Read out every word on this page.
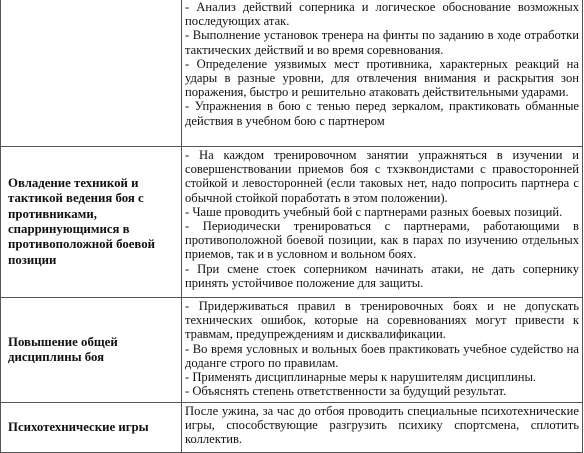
	- Анализ действий соперника и логическое обоснование возможных последующих атак.
- Выполнение установок тренера на финты по заданию в ходе отработки тактических действий и во время соревнования.
- Определение уязвимых мест противника, характерных реакций на удары в разные уровни, для отвлечения внимания и раскрытия зон поражения, быстро и решительно атаковать действительными ударами.
- Упражнения в бою с тенью перед зеркалом, практиковать обманные действия в учебном бою с партнером

Овладение техникой и тактикой ведения боя с противниками, спарринующимися в противоположной боевой позиции	- На каждом тренировочном занятии упражняться в изучении и совершенствовании приемов боя с тхэквондистами с правосторонней стойкой и левосторонней (если таковых нет, надо попросить партнера с обычной стойкой поработать в этом положении).
- Чаше проводить учебный бой с партнерами разных боевых позиций.
- Периодически тренироваться с партнерами, работающими в противоположной боевой позиции, как в парах по изучению отдельных приемов, так и в условном и вольном боях.
- При смене стоек соперником начинать атаки, не дать сопернику принять устойчивое положение для защиты.

Повышение общей дисциплины боя	- Придерживаться правил в тренировочных боях и не допускать технических ошибок, которые на соревнованиях могут привести к травмам, предупреждениям и дисквалификации.
- Во время условных и вольных боев практиковать учебное судейство на доданге строго по правилам.
- Применять дисциплинарные меры к нарушителям дисциплины.
- Объяснять степень ответственности за будущий результат.

Психотехнические игры	После ужина, за час до отбоя проводить специальные психотехнические игры, способствующие разгрузить психику спортсмена, сплотить коллектив.
